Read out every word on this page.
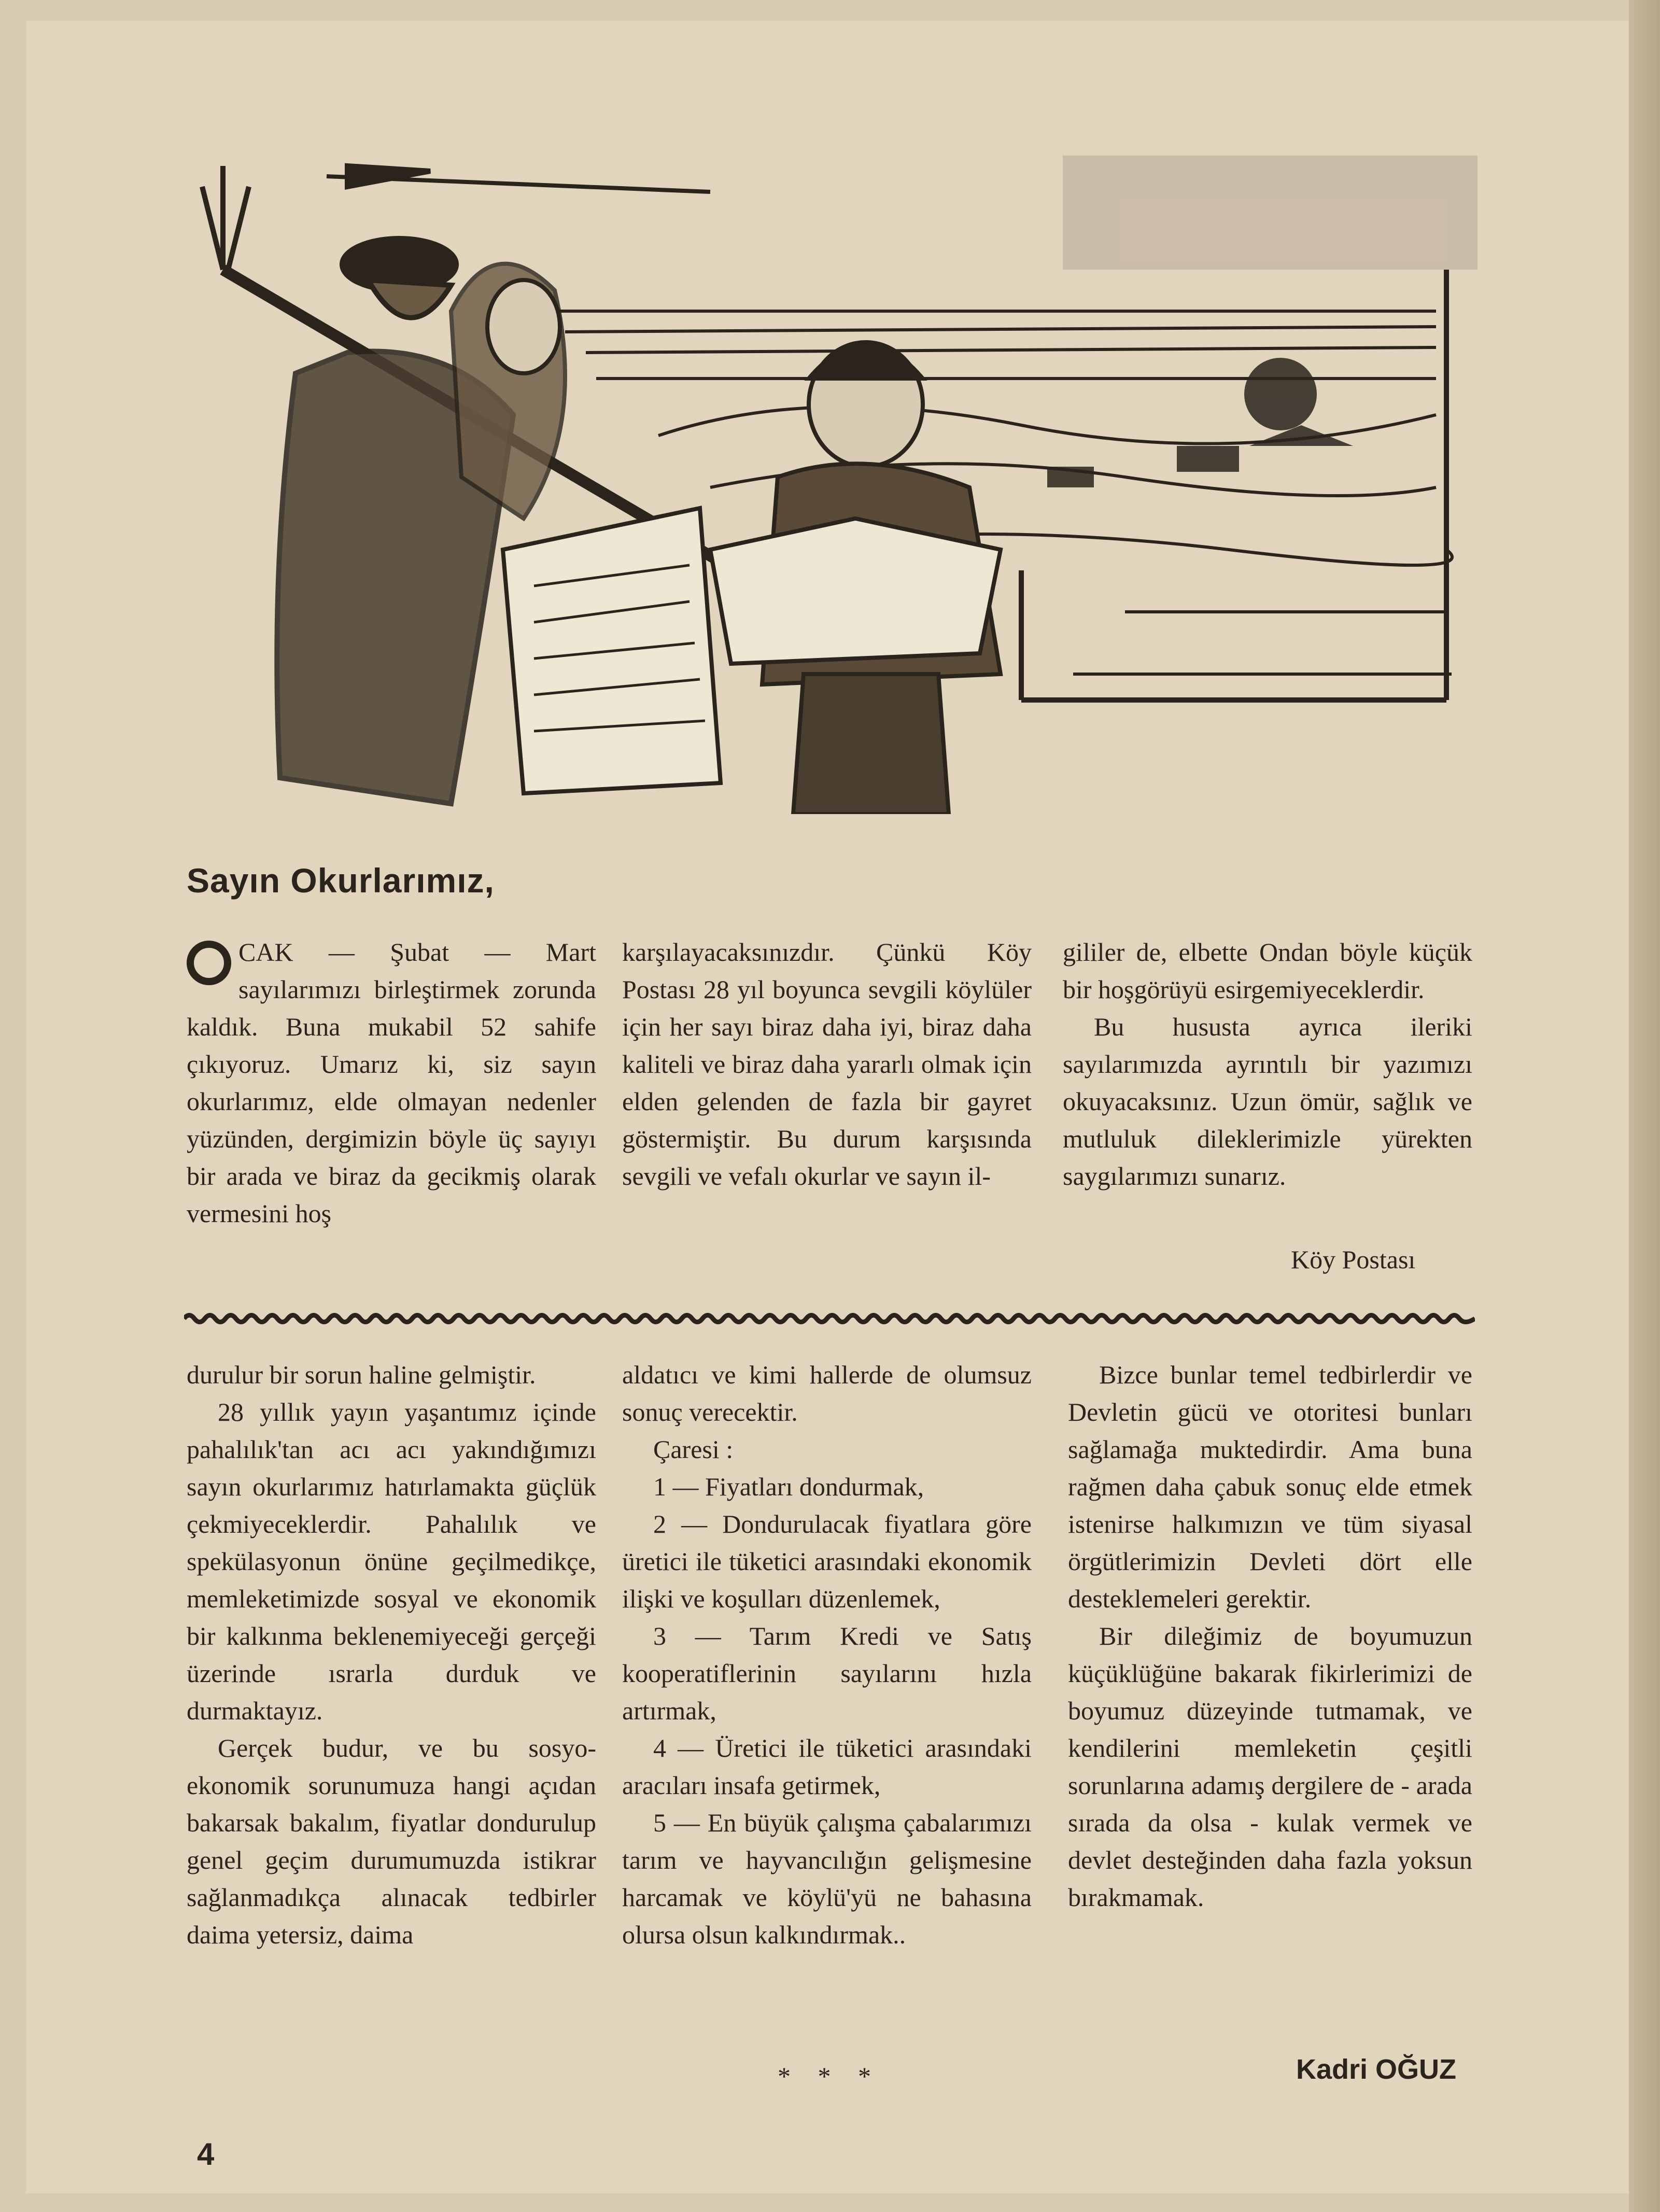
Sayın Okurlarımız,

CAK — Şubat — Mart sayılarımızı birleştirmek zorunda kaldık. Buna mukabil 52 sahife çıkıyoruz. Umarız ki, siz sayın okurlarımız, elde olmayan nedenler yüzünden, dergimizin böyle üç sayıyı bir arada ve biraz da gecikmiş olarak vermesini hoş

karşılayacaksınızdır. Çünkü Köy Postası 28 yıl boyunca sevgili köylüler için her sayı biraz daha iyi, biraz daha kaliteli ve biraz daha yararlı olmak için elden gelenden de fazla bir gayret göstermiştir. Bu durum karşısında sevgili ve vefalı okurlar ve sayın il-

gililer de, elbette Ondan böyle küçük bir hoşgörüyü esirgemiyeceklerdir.

Bu hususta ayrıca ileriki sayılarımızda ayrıntılı bir yazımızı okuyacaksınız. Uzun ömür, sağlık ve mutluluk dileklerimizle yürekten saygılarımızı sunarız.

Köy Postası

durulur bir sorun haline gelmiştir.

28 yıllık yayın yaşantımız içinde pahalılık'tan acı acı yakındığımızı sayın okurlarımız hatırlamakta güçlük çekmiyeceklerdir. Pahalılık ve spekülasyonun önüne geçilmedikçe, memleketimizde sosyal ve ekonomik bir kalkınma beklenemiyeceği gerçeği üzerinde ısrarla durduk ve durmaktayız.

Gerçek budur, ve bu sosyo-ekonomik sorunumuza hangi açıdan bakarsak bakalım, fiyatlar dondurulup genel geçim durumumuzda istikrar sağlanmadıkça alınacak tedbirler daima yetersiz, daima

aldatıcı ve kimi hallerde de olumsuz sonuç verecektir.

Çaresi :

1 — Fiyatları dondurmak,

2 — Dondurulacak fiyatlara göre üretici ile tüketici arasındaki ekonomik ilişki ve koşulları düzenlemek,

3 — Tarım Kredi ve Satış kooperatiflerinin sayılarını hızla artırmak,

4 — Üretici ile tüketici arasındaki aracıları insafa getirmek,

5 — En büyük çalışma çabalarımızı tarım ve hayvancılığın gelişmesine harcamak ve köylü'yü ne bahasına olursa olsun kalkındırmak..

* * *

Bizce bunlar temel tedbirlerdir ve Devletin gücü ve otoritesi bunları sağlamağa muktedirdir. Ama buna rağmen daha çabuk sonuç elde etmek istenirse halkımızın ve tüm siyasal örgütlerimizin Devleti dört elle desteklemeleri gerektir.

Bir dileğimiz de boyumuzun küçüklüğüne bakarak fikirlerimizi de boyumuz düzeyinde tutmamak, ve kendilerini memleketin çeşitli sorunlarına adamış dergilere de - arada sırada da olsa - kulak vermek ve devlet desteğinden daha fazla yoksun bırakmamak.

Kadri OĞUZ
4
